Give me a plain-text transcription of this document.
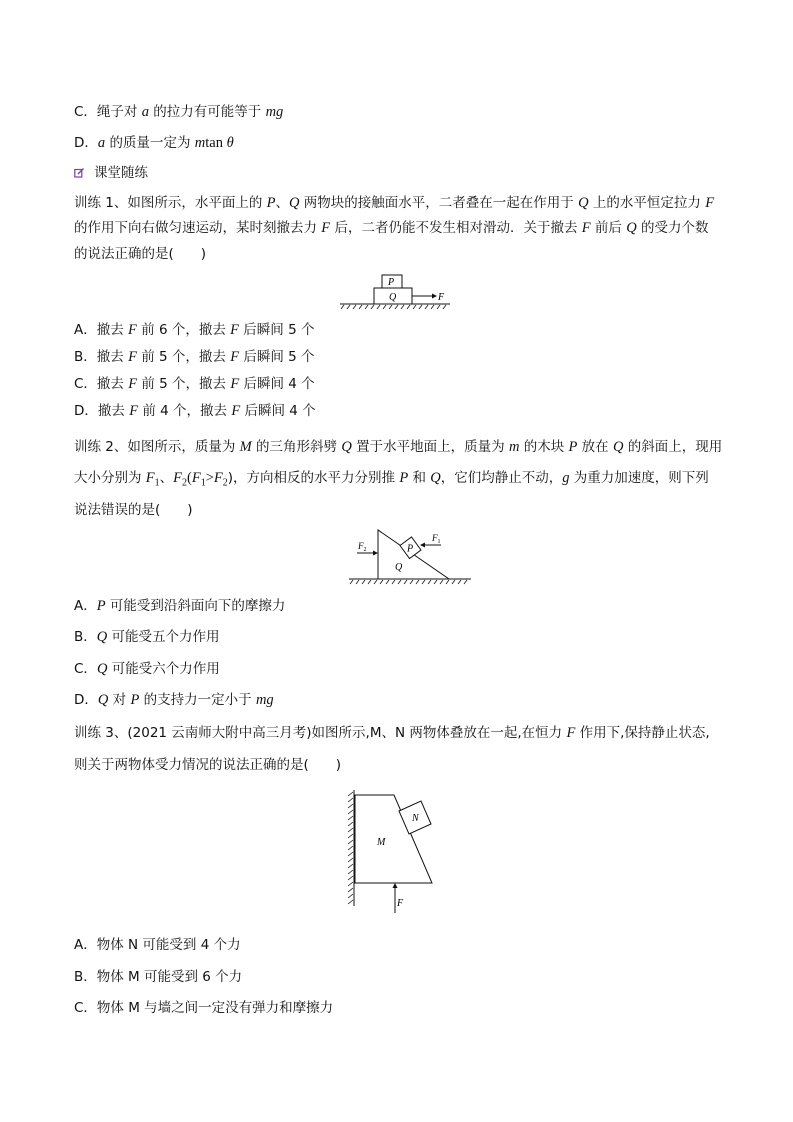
C．绳子对 a 的拉力有可能等于 mg
D．a 的质量一定为 mtan θ
课堂随练
训练 1、如图所示，水平面上的 P、Q 两物块的接触面水平，二者叠在一起在作用于 Q 上的水平恒定拉力 F
的作用下向右做匀速运动，某时刻撤去力 F 后，二者仍能不发生相对滑动．关于撤去 F 前后 Q 的受力个数
的说法正确的是(　　)
P
Q	F
A．撤去 F 前 6 个，撤去 F 后瞬间 5 个
B．撤去 F 前 5 个，撤去 F 后瞬间 5 个
C．撤去 F 前 5 个，撤去 F 后瞬间 4 个
D．撤去 F 前 4 个，撤去 F 后瞬间 4 个
训练 2、如图所示，质量为 M 的三角形斜劈 Q 置于水平地面上，质量为 m 的木块 P 放在 Q 的斜面上，现用
大小分别为 $F_1$、$F_2(F_1>F_2)$，方向相反的水平力分别推 P 和 Q，它们均静止不动，g 为重力加速度，则下列
说法错误的是(　　)
P
Q
$F_2$
$F_1$
A．P 可能受到沿斜面向下的摩擦力
B．Q 可能受五个力作用
C．Q 可能受六个力作用
D．Q 对 P 的支持力一定小于 mg
训练 3、(2021 云南师大附中高三月考)如图所示,M、N 两物体叠放在一起,在恒力 F 作用下,保持静止状态,
则关于两物体受力情况的说法正确的是(　　)
N
M
F
A．物体 N 可能受到 4 个力
B．物体 M 可能受到 6 个力
C．物体 M 与墙之间一定没有弹力和摩擦力
